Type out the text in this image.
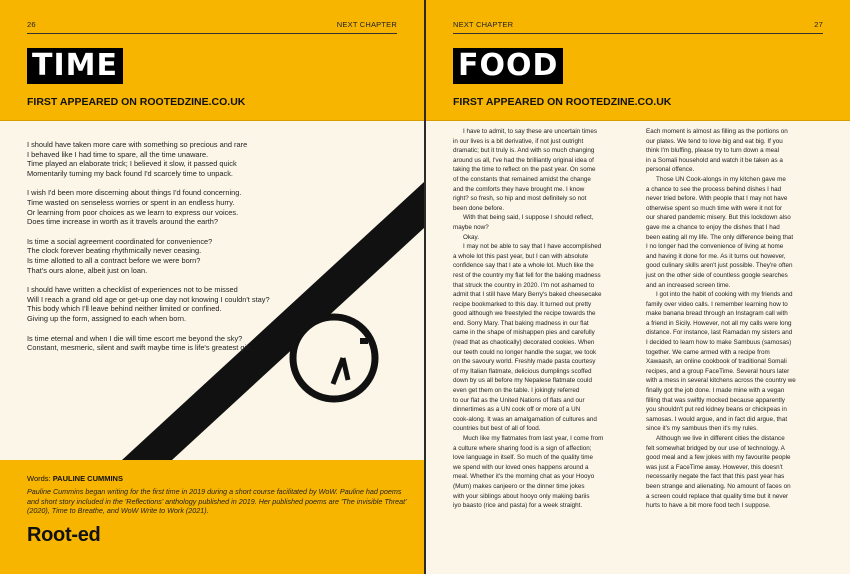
26	NEXT CHAPTER
TIME
FIRST APPEARED ON ROOTEDZINE.CO.UK
I should have taken more care with something so precious and rare
I behaved like I had time to spare, all the time unaware.
Time played an elaborate trick; I believed it slow, it passed quick
Momentarily turning my back found I'd scarcely time to unpack.
I wish I'd been more discerning about things I'd found concerning.
Time wasted on senseless worries or spent in an endless hurry.
Or learning from poor choices as we learn to express our voices.
Does time increase in worth as it travels around the earth?
Is time a social agreement coordinated for convenience?
The clock forever beating rhythmically never ceasing.
Is time allotted to all a contract before we were born?
That's ours alone, albeit just on loan.
I should have written a checklist of experiences not to be missed
Will I reach a grand old age or get-up one day not knowing I couldn't stay?
This body which I'll leave behind neither limited or confined.
Giving up the form, assigned to each when born.
Is time eternal and when I die will time escort me beyond the sky?
Constant, mesmeric, silent and swift maybe time is life's greatest gift.
Words: PAULINE CUMMINS
Pauline Cummins began writing for the first time in 2019 during a short course facilitated by WoW. Pauline had poems and short story included in the 'Reflections' anthology published in 2019. Her published poems are 'The invisible Threat' (2020), Time to Breathe, and WoW Write to Work (2021).
Root-ed
NEXT CHAPTER	27
FOOD
FIRST APPEARED ON ROOTEDZINE.CO.UK

I have to admit, to say these are uncertain times

in our lives is a bit derivative, if not just outright

dramatic; but it truly is. And with so much changing

around us all, I've had the brilliantly original idea of

taking the time to reflect on the past year. On some

of the constants that remained amidst the change

and the comforts they have brought me. I know

right? so fresh, so hip and most definitely so not

been done before.

With that being said, I suppose I should reflect,

maybe now?

Okay.

I may not be able to say that I have accomplished

a whole lot this past year, but I can with absolute

confidence say that I ate a whole lot. Much like the

rest of the country my flat fell for the baking madness

that struck the country in 2020. I'm not ashamed to

admit that I still have Mary Berry's baked cheesecake

recipe bookmarked to this day. It turned out pretty

good although we freestyled the recipe towards the

end. Sorry Mary. That baking madness in our flat

came in the shape of mishappen pies and carefully

(read that as chaotically) decorated cookies. When

our teeth could no longer handle the sugar, we took

on the savoury world. Freshly made pasta courtesy

of my Italian flatmate, delicious dumplings scoffed

down by us all before my Nepalese flatmate could

even get them on the table. I jokingly referred

to our flat as the United Nations of flats and our

dinnertimes as a UN cook off or more of a UN

cook-along. It was an amalgamation of cultures and

countries but best of all of food.

Much like my flatmates from last year, I come from

a culture where sharing food is a sign of affection;

love language in itself. So much of the quality time

we spend with our loved ones happens around a

meal. Whether it's the morning chat as your Hooyo

(Mum) makes canjeero or the dinner time jokes

with your siblings about hooyo only making bariis

iyo baasto (rice and pasta) for a week straight.

Each moment is almost as filling as the portions on

our plates. We tend to love big and eat big. If you

think I'm bluffing, please try to turn down a meal

in a Somali household and watch it be taken as a

personal offence.

Those UN Cook-alongs in my kitchen gave me

a chance to see the process behind dishes I had

never tried before. With people that I may not have

otherwise spent so much time with were it not for

our shared pandemic misery. But this lockdown also

gave me a chance to enjoy the dishes that I had

been eating all my life. The only difference being that

I no longer had the convenience of living at home

and having it done for me. As it turns out however,

good culinary skills aren't just possible. They're often

just on the other side of countless google searches

and an increased screen time.

I got into the habit of cooking with my friends and

family over video calls. I remember learning how to

make banana bread through an Instagram call with

a friend in Sicily. However, not all my calls were long

distance. For instance, last Ramadan my sisters and

I decided to learn how to make Sambuus (samosas)

together. We came armed with a recipe from

Xawaash, an online cookbook of traditional Somali

recipes, and a group FaceTime. Several hours later

with a mess in several kitchens across the country we

finally got the job done. I made mine with a vegan

filling that was swiftly mocked because apparently

you shouldn't put red kidney beans or chickpeas in

samosas. I would argue, and in fact did argue, that

since it's my sambuus then it's my rules.

Although we live in different cities the distance

felt somewhat bridged by our use of technology. A

good meal and a few jokes with my favourite people

was just a FaceTime away. However, this doesn't

necessarily negate the fact that this past year has

been strange and alienating. No amount of faces on

a screen could replace that quality time but it never

hurts to have a bit more food tech I suppose.
